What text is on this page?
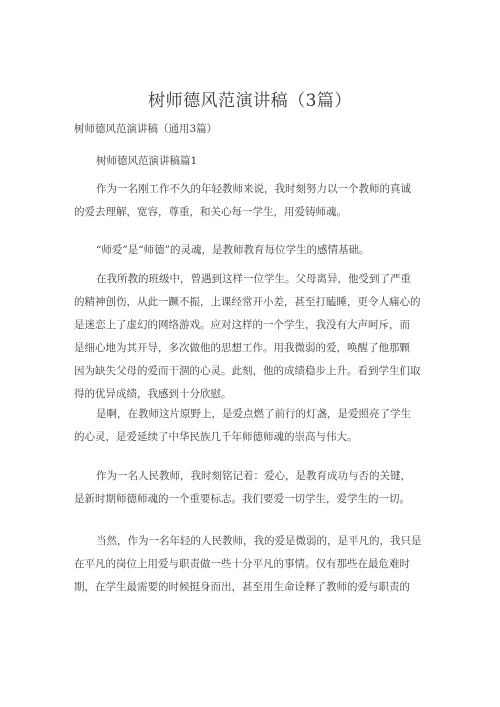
树师德风范演讲稿（3篇）
树师德风范演讲稿（通用3篇）
树师德风范演讲稿篇1
作为一名刚工作不久的年轻教师来说，我时刻努力以一个教师的真诚
的爱去理解，宽容，尊重，和关心每一学生，用爱铸师魂。
“师爱”是“师德”的灵魂，是教师教育每位学生的感情基础。
在我所教的班级中，曾遇到这样一位学生。父母离异，他受到了严重
的精神创伤，从此一蹶不振，上课经常开小差，甚至打瞌睡，更令人痛心的
是迷恋上了虚幻的网络游戏。应对这样的一个学生，我没有大声呵斥，而
是细心地为其开导，多次做他的思想工作。用我微弱的爱，唤醒了他那颗
因为缺失父母的爱而干涸的心灵。此刻，他的成绩稳步上升。看到学生们取
得的优异成绩，我感到十分欣慰。
是啊，在教师这片原野上，是爱点燃了前行的灯盏，是爱照亮了学生
的心灵，是爱延续了中华民族几千年师德师魂的崇高与伟大。
作为一名人民教师，我时刻铭记着：爱心，是教育成功与否的关键，
是新时期师德师魂的一个重要标志。我们要爱一切学生，爱学生的一切。
当然，作为一名年轻的人民教师，我的爱是微弱的，是平凡的，我只是
在平凡的岗位上用爱与职责做一些十分平凡的事情。仅有那些在最危难时
期，在学生最需要的时候挺身而出，甚至用生命诠释了教师的爱与职责的
